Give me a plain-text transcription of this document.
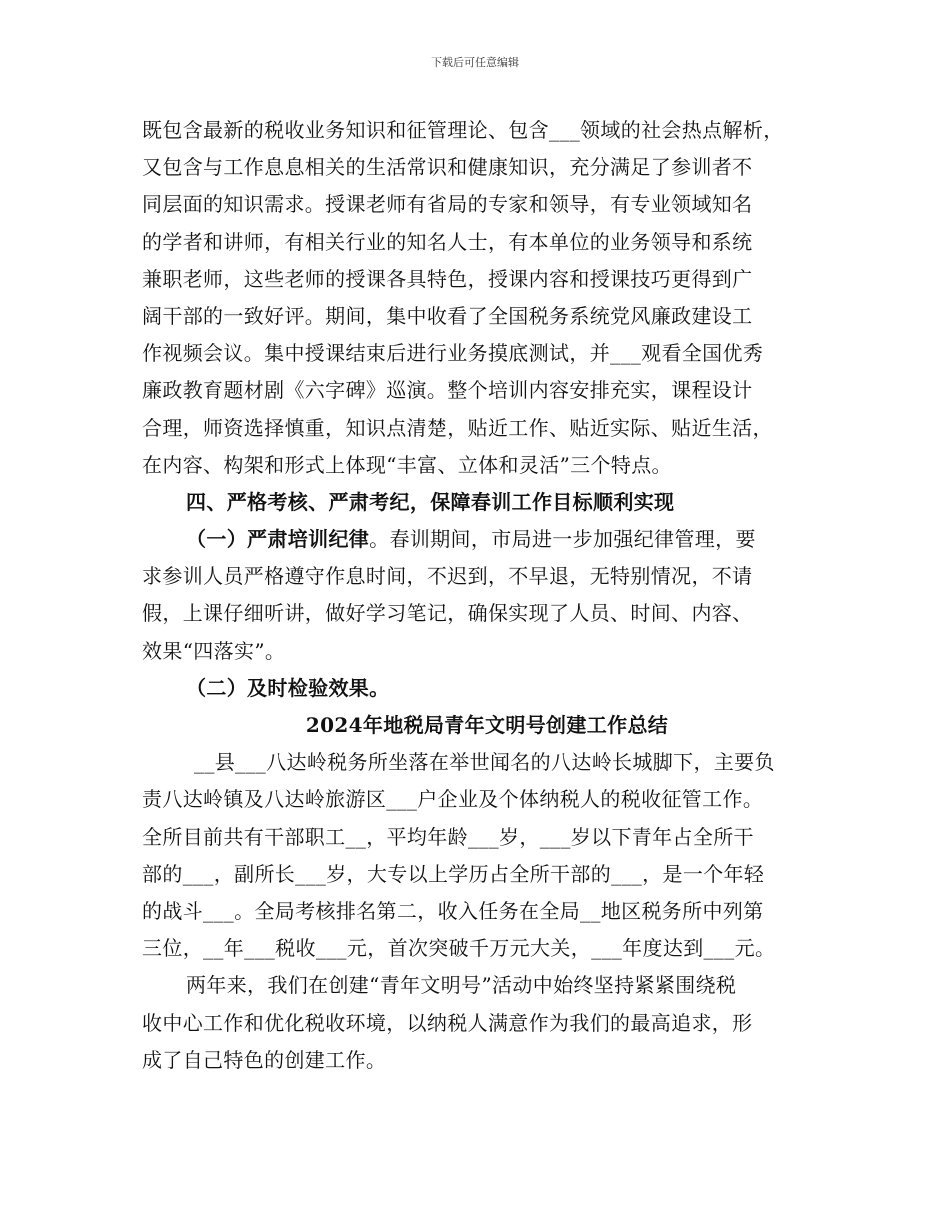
下载后可任意编辑
既包含最新的税收业务知识和征管理论、包含___领域的社会热点解析，
又包含与工作息息相关的生活常识和健康知识，充分满足了参训者不
同层面的知识需求。授课老师有省局的专家和领导，有专业领域知名
的学者和讲师，有相关行业的知名人士，有本单位的业务领导和系统
兼职老师，这些老师的授课各具特色，授课内容和授课技巧更得到广
阔干部的一致好评。期间，集中收看了全国税务系统党风廉政建设工
作视频会议。集中授课结束后进行业务摸底测试，并___观看全国优秀
廉政教育题材剧《六字碑》巡演。整个培训内容安排充实，课程设计
合理，师资选择慎重，知识点清楚，贴近工作、贴近实际、贴近生活，
在内容、构架和形式上体现“丰富、立体和灵活”三个特点。
四、严格考核、严肃考纪，保障春训工作目标顺利实现
（一）严肃培训纪律。春训期间，市局进一步加强纪律管理，要
求参训人员严格遵守作息时间，不迟到，不早退，无特别情况，不请
假，上课仔细听讲，做好学习笔记，确保实现了人员、时间、内容、
效果“四落实”。
（二）及时检验效果。
2024年地税局青年文明号创建工作总结
__县___八达岭税务所坐落在举世闻名的八达岭长城脚下，主要负
责八达岭镇及八达岭旅游区___户企业及个体纳税人的税收征管工作。
全所目前共有干部职工__，平均年龄___岁，___岁以下青年占全所干
部的___，副所长___岁，大专以上学历占全所干部的___，是一个年轻
的战斗___。全局考核排名第二，收入任务在全局__地区税务所中列第
三位，__年___税收___元，首次突破千万元大关，___年度达到___元。
两年来，我们在创建“青年文明号”活动中始终坚持紧紧围绕税
收中心工作和优化税收环境，以纳税人满意作为我们的最高追求，形
成了自己特色的创建工作。
